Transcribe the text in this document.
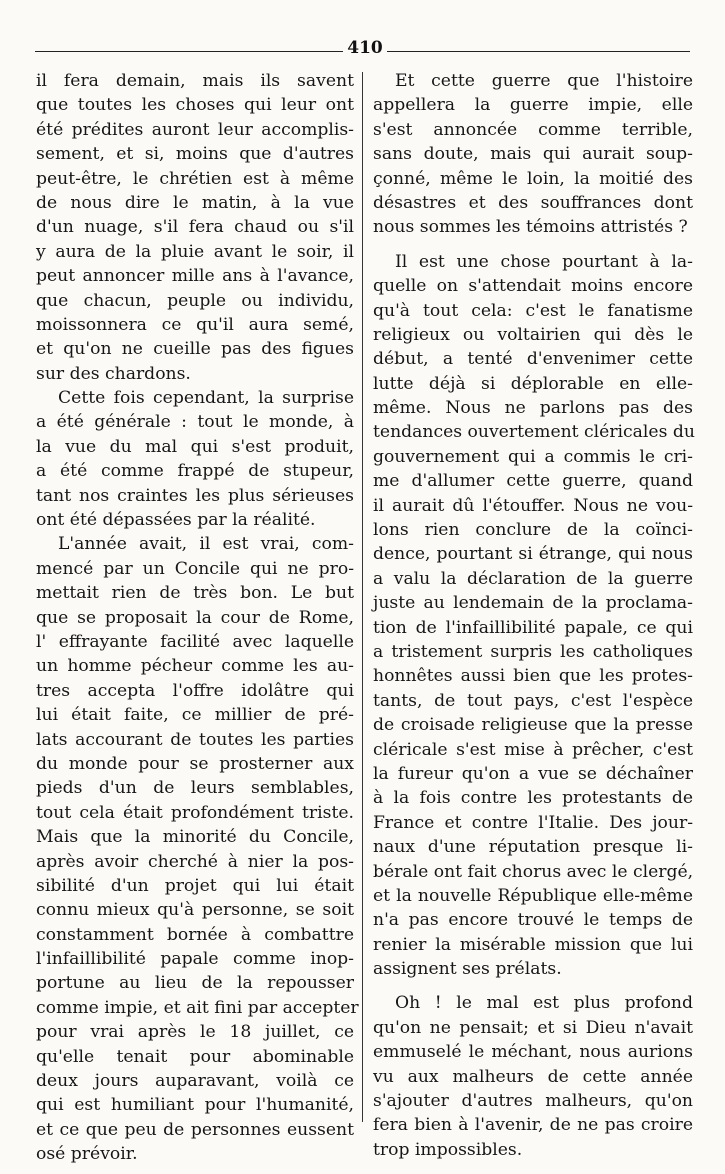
410
il fera demain, mais ils savent
que toutes les choses qui leur ont
été prédites auront leur accomplis-
sement, et si, moins que d'autres
peut-être, le chrétien est à même
de nous dire le matin, à la vue
d'un nuage, s'il fera chaud ou s'il
y aura de la pluie avant le soir, il
peut annoncer mille ans à l'avance,
que chacun, peuple ou individu,
moissonnera ce qu'il aura semé,
et qu'on ne cueille pas des figues
sur des chardons.
Cette fois cependant, la surprise
a été générale : tout le monde, à
la vue du mal qui s'est produit,
a été comme frappé de stupeur,
tant nos craintes les plus sérieuses
ont été dépassées par la réalité.
L'année avait, il est vrai, com-
mencé par un Concile qui ne pro-
mettait rien de très bon. Le but
que se proposait la cour de Rome,
l' effrayante facilité avec laquelle
un homme pécheur comme les au-
tres accepta l'offre idolâtre qui
lui était faite, ce millier de pré-
lats accourant de toutes les parties
du monde pour se prosterner aux
pieds d'un de leurs semblables,
tout cela était profondément triste.
Mais que la minorité du Concile,
après avoir cherché à nier la pos-
sibilité d'un projet qui lui était
connu mieux qu'à personne, se soit
constamment bornée à combattre
l'infaillibilité papale comme inop-
portune au lieu de la repousser
comme impie, et ait fini par accepter
pour vrai après le 18 juillet, ce
qu'elle tenait pour abominable
deux jours auparavant, voilà ce
qui est humiliant pour l'humanité,
et ce que peu de personnes eussent
osé prévoir.
Et cette guerre que l'histoire
appellera la guerre impie, elle
s'est annoncée comme terrible,
sans doute, mais qui aurait soup-
çonné, même le loin, la moitié des
désastres et des souffrances dont
nous sommes les témoins attristés ?
Il est une chose pourtant à la-
quelle on s'attendait moins encore
qu'à tout cela: c'est le fanatisme
religieux ou voltairien qui dès le
début, a tenté d'envenimer cette
lutte déjà si déplorable en elle-
même. Nous ne parlons pas des
tendances ouvertement cléricales du
gouvernement qui a commis le cri-
me d'allumer cette guerre, quand
il aurait dû l'étouffer. Nous ne vou-
lons rien conclure de la coïnci-
dence, pourtant si étrange, qui nous
a valu la déclaration de la guerre
juste au lendemain de la proclama-
tion de l'infaillibilité papale, ce qui
a tristement surpris les catholiques
honnêtes aussi bien que les protes-
tants, de tout pays, c'est l'espèce
de croisade religieuse que la presse
cléricale s'est mise à prêcher, c'est
la fureur qu'on a vue se déchaîner
à la fois contre les protestants de
France et contre l'Italie. Des jour-
naux d'une réputation presque li-
bérale ont fait chorus avec le clergé,
et la nouvelle République elle-même
n'a pas encore trouvé le temps de
renier la misérable mission que lui
assignent ses prélats.
Oh ! le mal est plus profond
qu'on ne pensait; et si Dieu n'avait
emmuselé le méchant, nous aurions
vu aux malheurs de cette année
s'ajouter d'autres malheurs, qu'on
fera bien à l'avenir, de ne pas croire
trop impossibles.
